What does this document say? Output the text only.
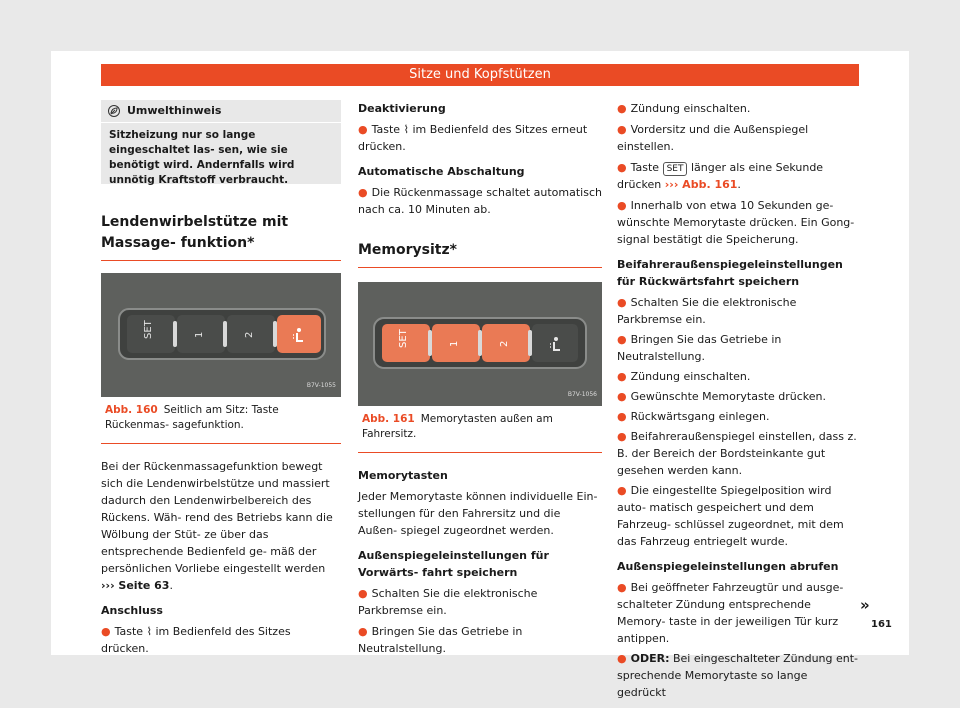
Sitze und Kopfstützen
Umwelthinweis

Sitzheizung nur so lange eingeschaltet las- sen, wie sie benötigt wird. Andernfalls wird unnötig Kraftstoff verbraucht.

Lendenwirbelstütze mit Massage- funktion*
SET	1	2
B7V-1055
Abb. 160 Seitlich am Sitz: Taste Rückenmas- sagefunktion.

Bei der Rückenmassagefunktion bewegt sich die Lendenwirbelstütze und massiert dadurch den Lendenwirbelbereich des Rückens. Wäh- rend des Betriebs kann die Wölbung der Stüt- ze über das entsprechende Bedienfeld ge- mäß der persönlichen Vorliebe eingestellt werden ››› Seite 63.

Anschluss

● Taste ⌇ im Bedienfeld des Sitzes drücken.

Deaktivierung

● Taste ⌇ im Bedienfeld des Sitzes erneut drücken.

Automatische Abschaltung

● Die Rückenmassage schaltet automatisch nach ca. 10 Minuten ab.

Memorysitz*
SET	1	2
B7V-1056
Abb. 161 Memorytasten außen am Fahrersitz.

Memorytasten

Jeder Memorytaste können individuelle Ein- stellungen für den Fahrersitz und die Außen- spiegel zugeordnet werden.

Außenspiegeleinstellungen für Vorwärts- fahrt speichern

● Schalten Sie die elektronische Parkbremse ein.

● Bringen Sie das Getriebe in Neutralstellung.

● Zündung einschalten.

● Vordersitz und die Außenspiegel einstellen.

● Taste SET länger als eine Sekunde drücken ››› Abb. 161.

● Innerhalb von etwa 10 Sekunden ge- wünschte Memorytaste drücken. Ein Gong- signal bestätigt die Speicherung.

Beifahreraußenspiegeleinstellungen für Rückwärtsfahrt speichern

● Schalten Sie die elektronische Parkbremse ein.

● Bringen Sie das Getriebe in Neutralstellung.

● Zündung einschalten.

● Gewünschte Memorytaste drücken.

● Rückwärtsgang einlegen.

● Beifahreraußenspiegel einstellen, dass z. B. der Bereich der Bordsteinkante gut gesehen werden kann.

● Die eingestellte Spiegelposition wird auto- matisch gespeichert und dem Fahrzeug- schlüssel zugeordnet, mit dem das Fahrzeug entriegelt wurde.

Außenspiegeleinstellungen abrufen

● Bei geöffneter Fahrzeugtür und ausge- schalteter Zündung entsprechende Memory- taste in der jeweiligen Tür kurz antippen.

● ODER: Bei eingeschalteter Zündung ent- sprechende Memorytaste so lange gedrückt

»
161
